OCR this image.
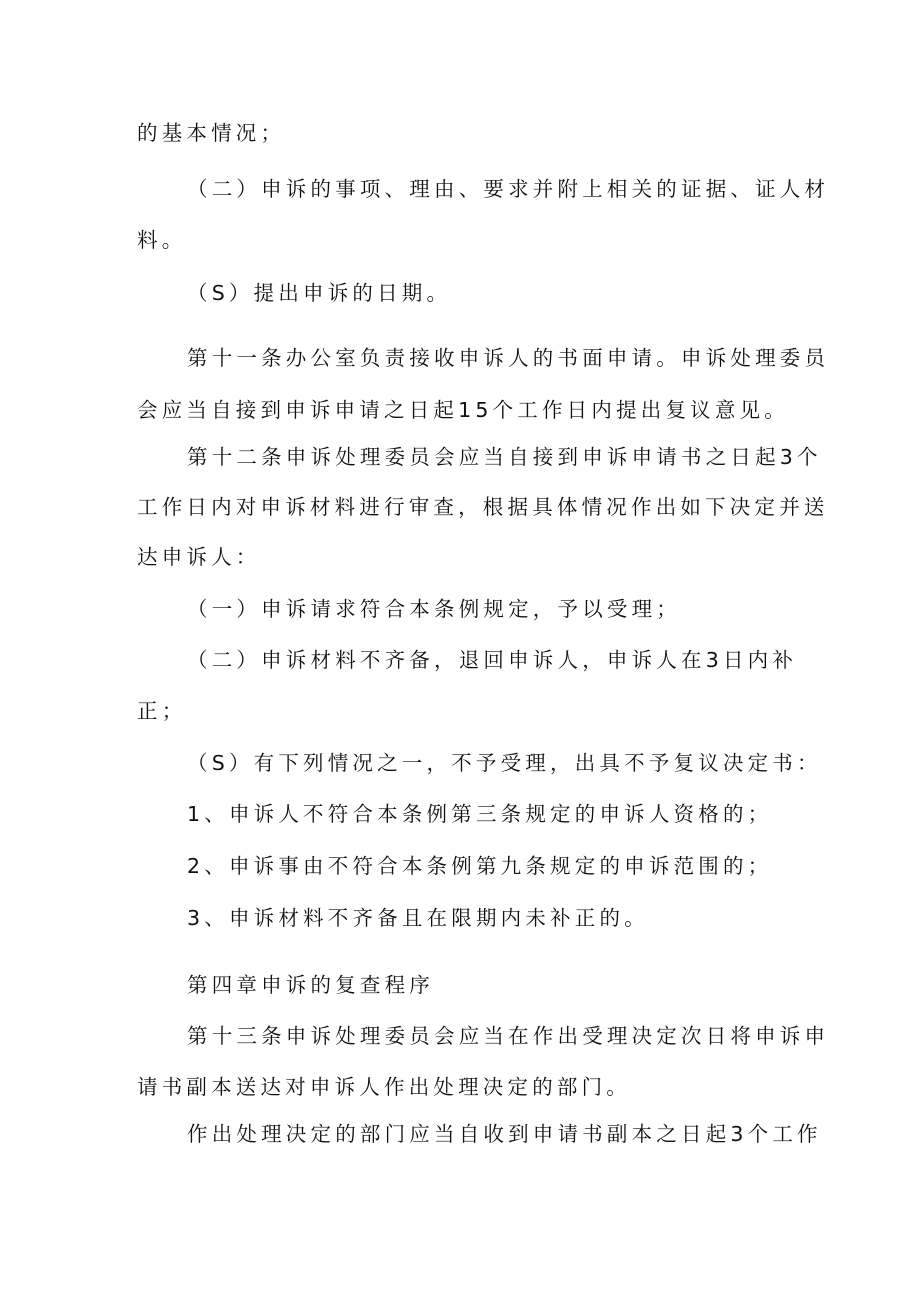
的基本情况；

（二）申诉的事项、理由、要求并附上相关的证据、证人材

料。

（S）提出申诉的日期。

第十一条办公室负责接收申诉人的书面申请。申诉处理委员

会应当自接到申诉申请之日起15个工作日内提出复议意见。

第十二条申诉处理委员会应当自接到申诉申请书之日起3个

工作日内对申诉材料进行审查，根据具体情况作出如下决定并送

达申诉人：

（一）申诉请求符合本条例规定，予以受理；

（二）申诉材料不齐备，退回申诉人，申诉人在3日内补

正；

（S）有下列情况之一，不予受理，出具不予复议决定书：

1、申诉人不符合本条例第三条规定的申诉人资格的；

2、申诉事由不符合本条例第九条规定的申诉范围的；

3、申诉材料不齐备且在限期内未补正的。

第四章申诉的复查程序

第十三条申诉处理委员会应当在作出受理决定次日将申诉申

请书副本送达对申诉人作出处理决定的部门。

作出处理决定的部门应当自收到申请书副本之日起3个工作
